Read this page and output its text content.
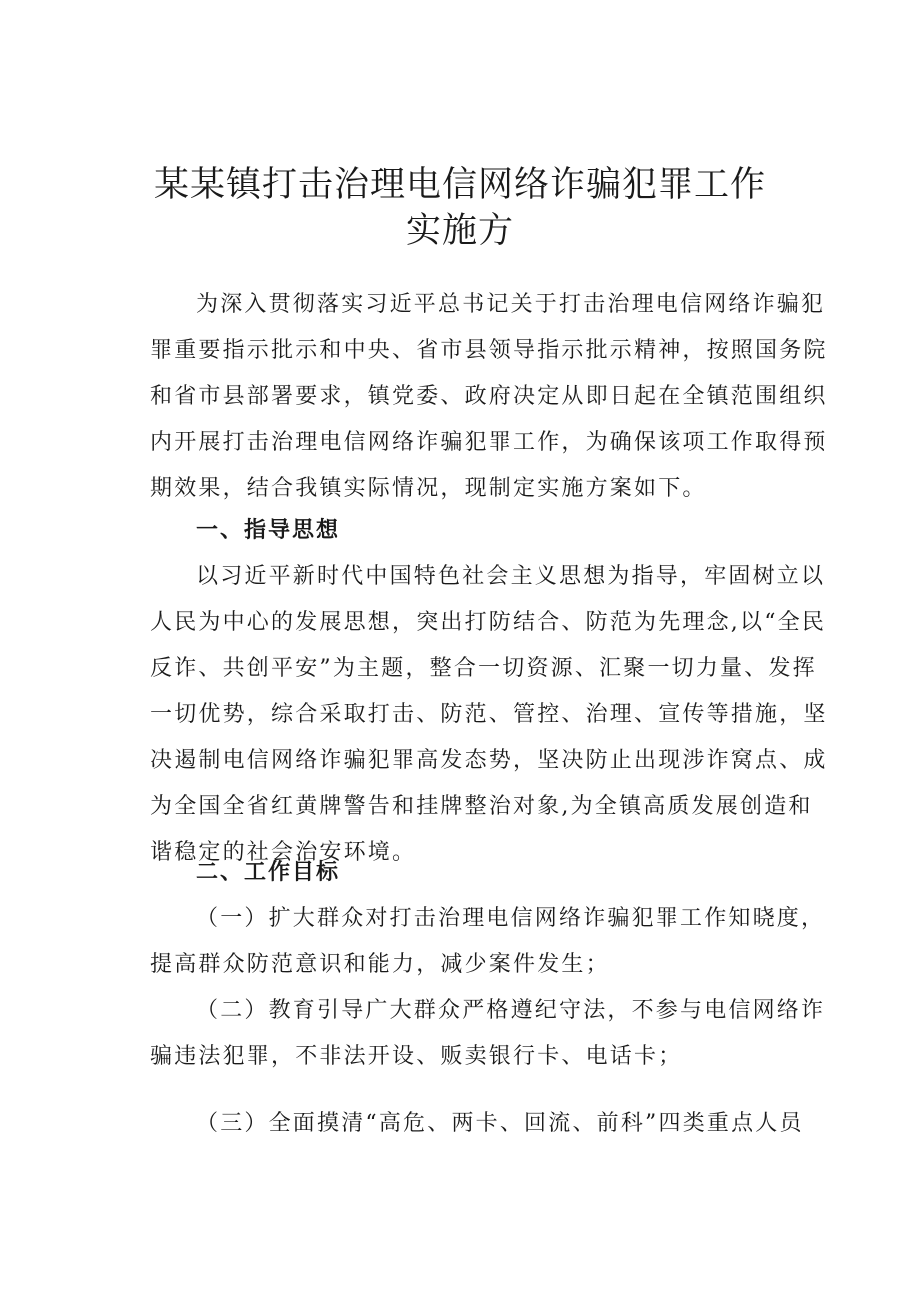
某某镇打击治理电信网络诈骗犯罪工作
实施方
为深入贯彻落实习近平总书记关于打击治理电信网络诈骗犯
罪重要指示批示和中央、省市县领导指示批示精神，按照国务院
和省市县部署要求，镇党委、政府决定从即日起在全镇范围组织
内开展打击治理电信网络诈骗犯罪工作，为确保该项工作取得预
期效果，结合我镇实际情况，现制定实施方案如下。
一、指导思想
以习近平新时代中国特色社会主义思想为指导，牢固树立以
人民为中心的发展思想，突出打防结合、防范为先理念,以“全民
反诈、共创平安”为主题，整合一切资源、汇聚一切力量、发挥
一切优势，综合采取打击、防范、管控、治理、宣传等措施，坚
决遏制电信网络诈骗犯罪高发态势，坚决防止出现涉诈窝点、成
为全国全省红黄牌警告和挂牌整治对象,为全镇高质发展创造和
谐稳定的社会治安环境。
二、工作目标
（一）扩大群众对打击治理电信网络诈骗犯罪工作知晓度，
提高群众防范意识和能力，减少案件发生；
（二）教育引导广大群众严格遵纪守法，不参与电信网络诈
骗违法犯罪，不非法开设、贩卖银行卡、电话卡；
（三）全面摸清“高危、两卡、回流、前科”四类重点人员
